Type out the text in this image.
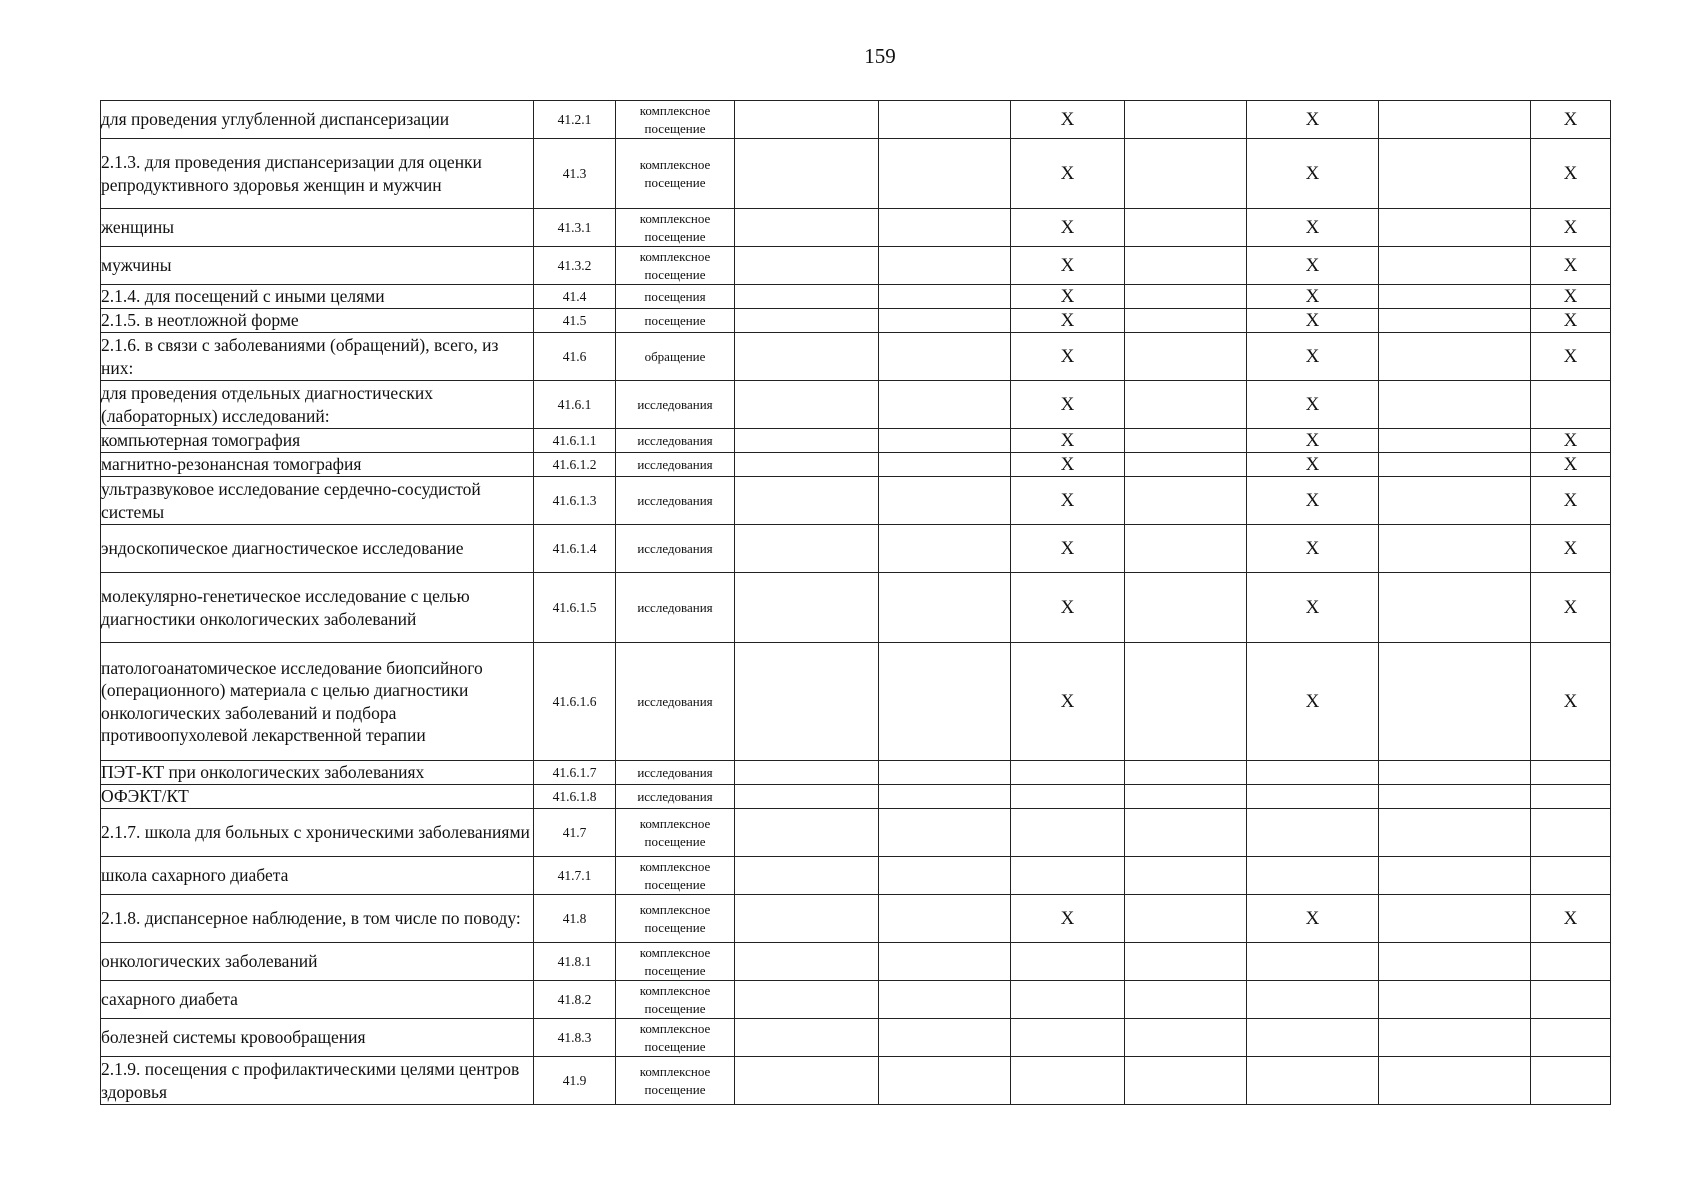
159
для проведения углубленной диспансеризации	41.2.1	комплексное посещение			X		X		X
2.1.3. для проведения диспансеризации для оценки репродуктивного здоровья женщин и мужчин	41.3	комплексное посещение			X		X		X
женщины	41.3.1	комплексное посещение			X		X		X
мужчины	41.3.2	комплексное посещение			X		X		X
2.1.4. для посещений с иными целями	41.4	посещения			X		X		X
2.1.5. в неотложной форме	41.5	посещение			X		X		X
2.1.6. в связи с заболеваниями (обращений), всего, из них:	41.6	обращение			X		X		X
для проведения отдельных диагностических (лабораторных) исследований:	41.6.1	исследования			X		X		
компьютерная томография	41.6.1.1	исследования			X		X		X
магнитно-резонансная томография	41.6.1.2	исследования			X		X		X
ультразвуковое исследование сердечно-сосудистой системы	41.6.1.3	исследования			X		X		X
эндоскопическое диагностическое исследование	41.6.1.4	исследования			X		X		X
молекулярно-генетическое исследование с целью диагностики онкологических заболеваний	41.6.1.5	исследования			X		X		X
патологоанатомическое исследование биопсийного (операционного) материала с целью диагностики онкологических заболеваний и подбора противоопухолевой лекарственной терапии	41.6.1.6	исследования			X		X		X
ПЭТ-КТ при онкологических заболеваниях	41.6.1.7	исследования							
ОФЭКТ/КТ	41.6.1.8	исследования							
2.1.7. школа для больных с хроническими заболеваниями	41.7	комплексное посещение							
школа сахарного диабета	41.7.1	комплексное посещение							
2.1.8. диспансерное наблюдение, в том числе по поводу:	41.8	комплексное посещение			X		X		X
онкологических заболеваний	41.8.1	комплексное посещение							
сахарного диабета	41.8.2	комплексное посещение							
болезней системы кровообращения	41.8.3	комплексное посещение							
2.1.9. посещения с профилактическими целями центров здоровья	41.9	комплексное посещение							
